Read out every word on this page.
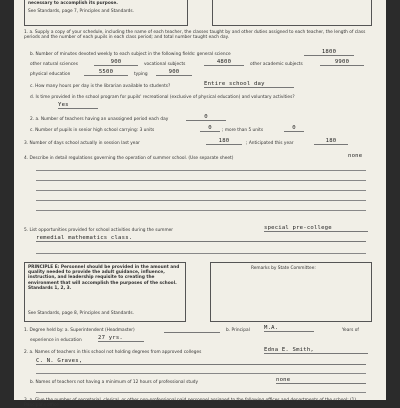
necessary to accomplish its purpose.
See Standards, page 7, Principles and Standards.
1. a. Supply a copy of your schedule, including the name of each teacher, the classes taught by and other duties assigned to each teacher, the length of class periods and the number of each pupils in each class period; and total number taught each day.
b. Number of minutes devoted weekly to each subject in the following fields: general science	1800
other natural sciences	900	vocational subjects	4800	other academic subjects	9900
physical education	5500	typing	900
c. How many hours per day is the librarian available to students?	Entire school day
d. Is time provided in the school program for pupils' recreational (exclusive of physical education) and voluntary activities?
Yes
2. a. Number of teachers having an unassigned period each day	0
c. Number of pupils in senior high school carrying: 3 units	0	; more than 5 units	0
3. Number of days school actually in session last year	180	; Anticipated this year	180
4. Describe in detail regulations governing the operation of summer school. (Use separate sheet)	none
5. List opportunities provided for school activities during the summer	special pre-college
remedial mathematics class.
PRINCIPLE E: Personnel should be provided in the amount and quality needed to provide the adult guidance, influence, instruction, and leadership requisite to creating the environment that will accomplish the purposes of the school. Standards 1, 2, 3.
See Standards, page 8, Principles and Standards.
Remarks by State Committee:
1. Degree held by: a. Superintendent (Headmaster)	b. Principal	M.A.	Years of
experience in education	27 yrs.
2. a. Names of teachers in this school not holding degrees from approved colleges	Edna E. Smith,
C. N. Graves,
b. Names of teachers not having a minimum of 12 hours of professional study	none
3. a. Give the number of secretarial, clerical, or other non-professional paid personnel assigned to the following offices and departments of the school: (1) Principal's office
